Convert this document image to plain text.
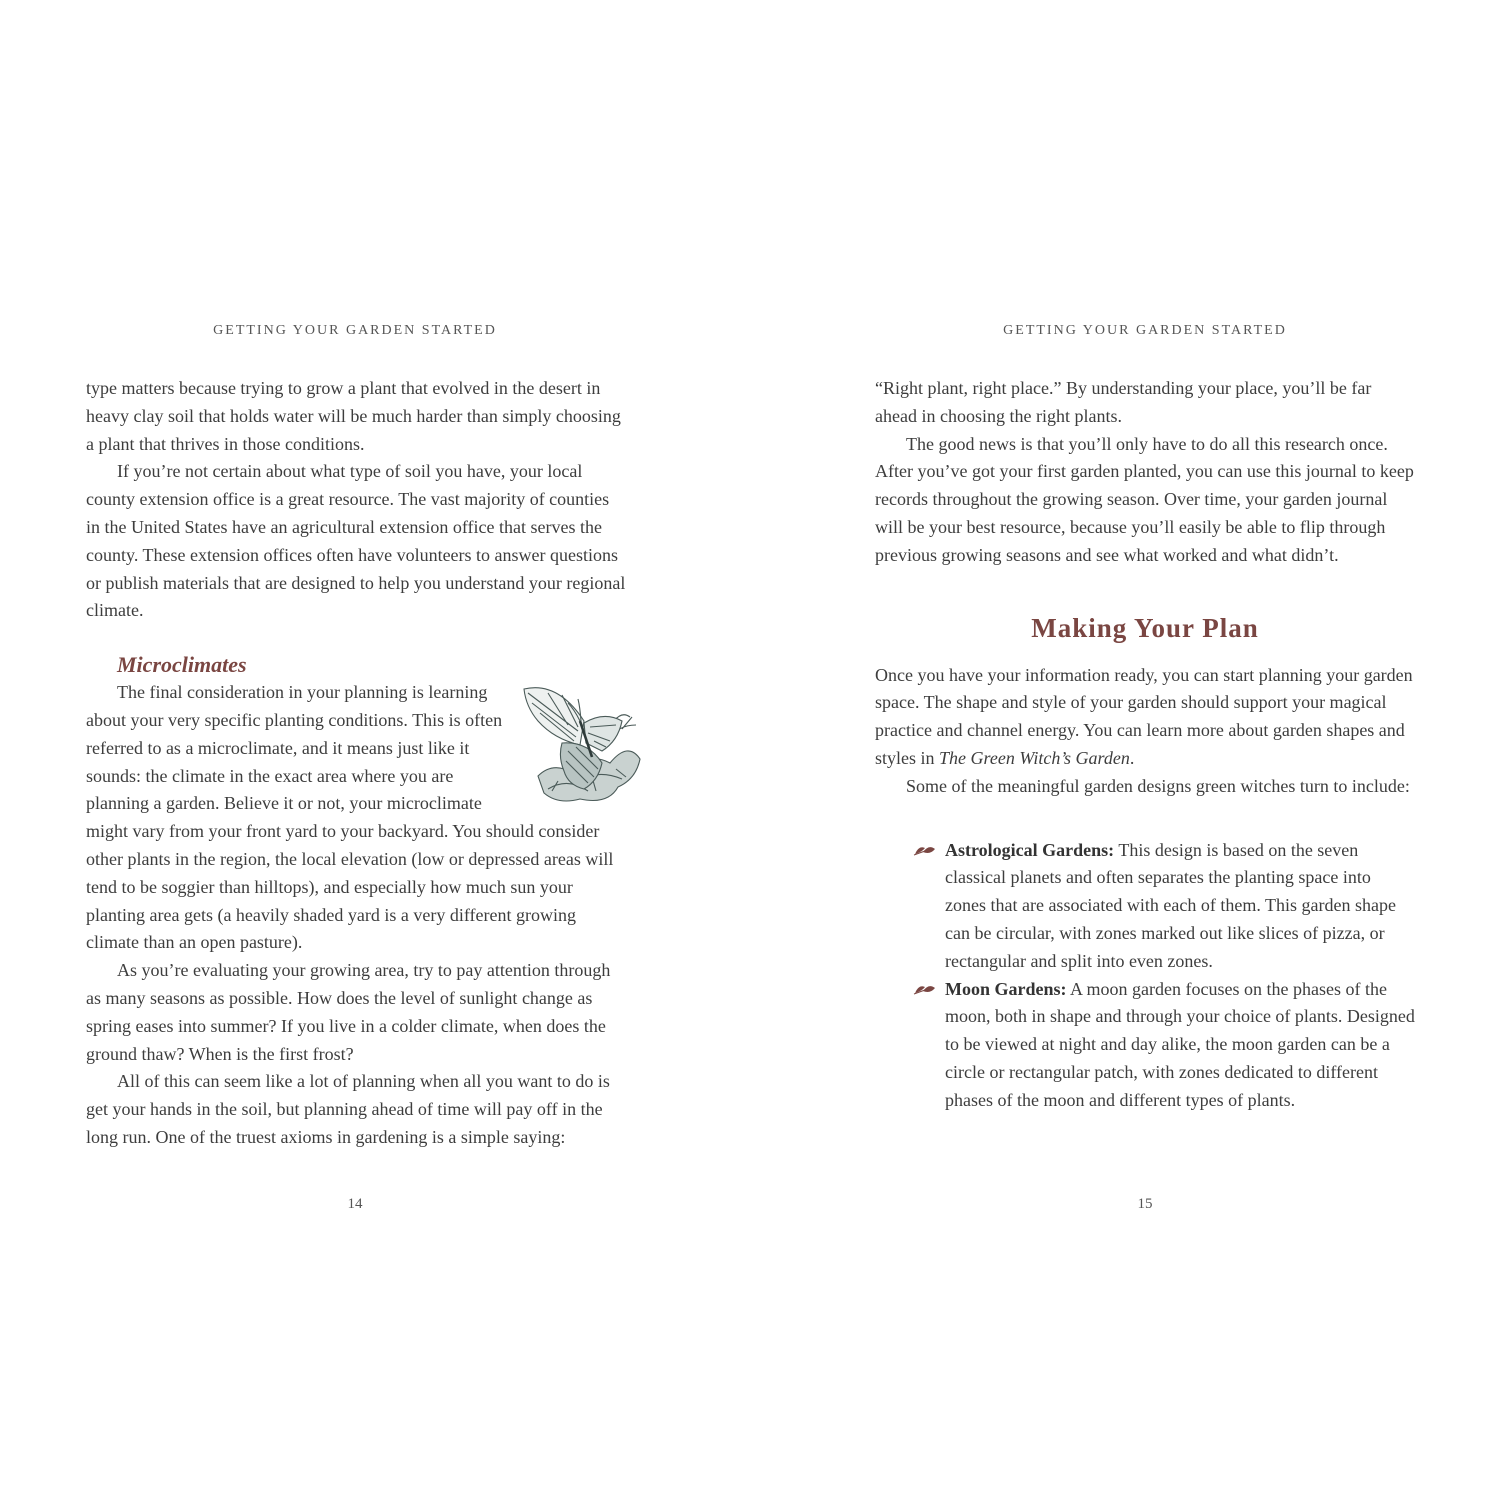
GETTING YOUR GARDEN STARTED

type matters because trying to grow a plant that evolved in the desert in heavy clay soil that holds water will be much harder than simply choosing a plant that thrives in those conditions.

If you’re not certain about what type of soil you have, your local county extension office is a great resource. The vast majority of counties in the United States have an agricultural extension office that serves the county. These extension offices often have volunteers to answer questions or publish materials that are designed to help you understand your regional climate.

Microclimates

The final consideration in your planning is learning about your very specific planting conditions. This is often referred to as a microclimate, and it means just like it sounds: the climate in the exact area where you are planning a garden. Believe it or not, your microclimate might vary from your front yard to your backyard. You should consider other plants in the region, the local elevation (low or depressed areas will tend to be soggier than hilltops), and especially how much sun your planting area gets (a heavily shaded yard is a very different growing climate than an open pasture).

As you’re evaluating your growing area, try to pay attention through as many seasons as possible. How does the level of sunlight change as spring eases into summer? If you live in a colder climate, when does the ground thaw? When is the first frost?

All of this can seem like a lot of planning when all you want to do is get your hands in the soil, but planning ahead of time will pay off in the long run. One of the truest axioms in gardening is a simple saying:

14
GETTING YOUR GARDEN STARTED

“Right plant, right place.” By understanding your place, you’ll be far ahead in choosing the right plants.

The good news is that you’ll only have to do all this research once. After you’ve got your first garden planted, you can use this journal to keep records throughout the growing season. Over time, your garden journal will be your best resource, because you’ll easily be able to flip through previous growing seasons and see what worked and what didn’t.

Making Your Plan

Once you have your information ready, you can start planning your garden space. The shape and style of your garden should support your magical practice and channel energy. You can learn more about garden shapes and styles in The Green Witch’s Garden.

Some of the meaningful garden designs green witches turn to include:

Astrological Gardens: This design is based on the seven classical planets and often separates the planting space into zones that are associated with each of them. This garden shape can be circular, with zones marked out like slices of pizza, or rectangular and split into even zones.
Moon Gardens: A moon garden focuses on the phases of the moon, both in shape and through your choice of plants. Designed to be viewed at night and day alike, the moon garden can be a circle or rectangular patch, with zones dedicated to different phases of the moon and different types of plants.
15
